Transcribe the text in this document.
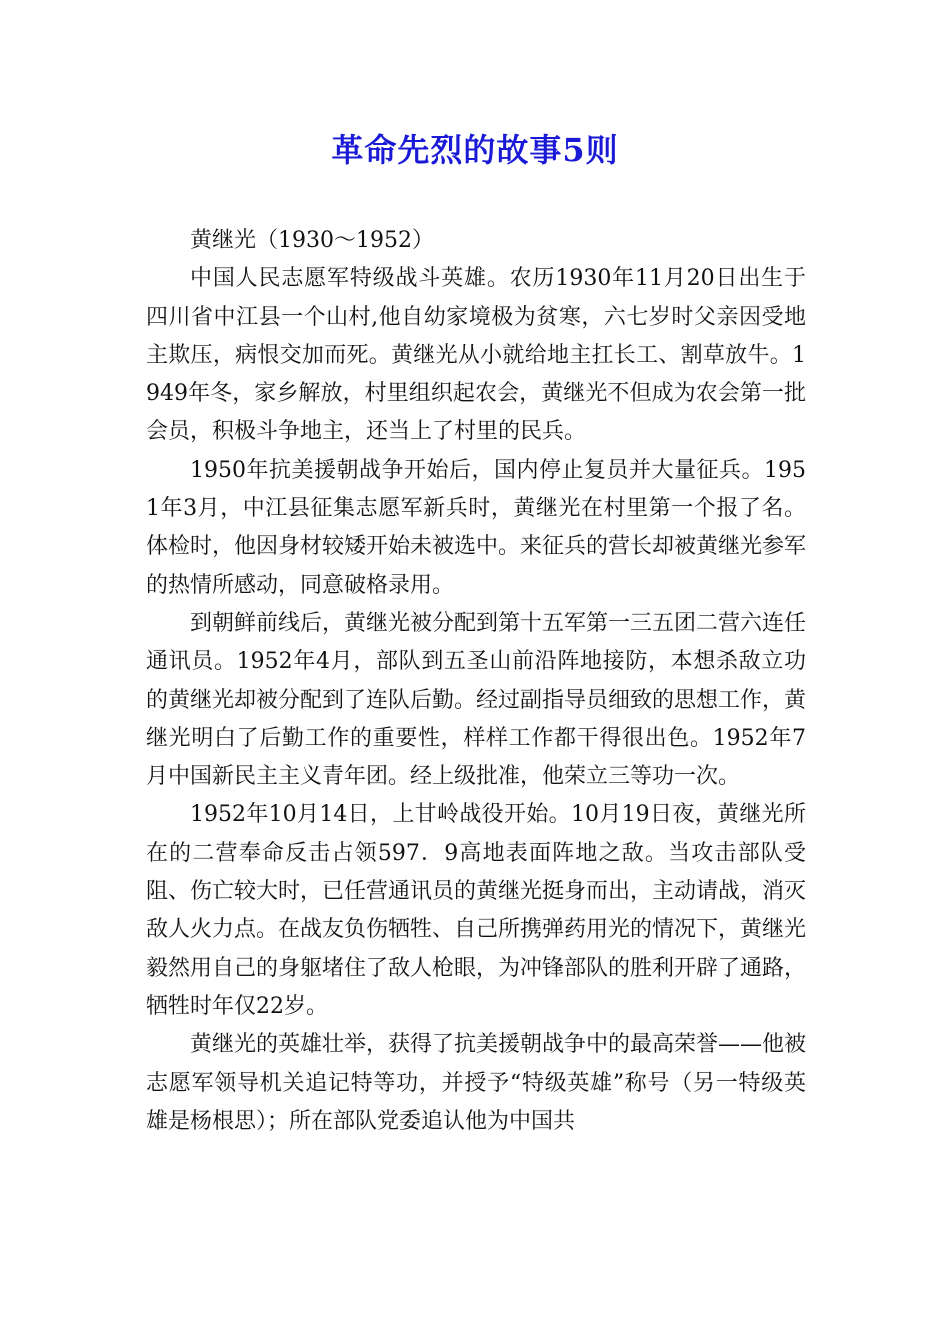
革命先烈的故事5则

黄继光（1930～1952）

中国人民志愿军特级战斗英雄。农历1930年11月20日出生于四川省中江县一个山村,他自幼家境极为贫寒，六七岁时父亲因受地主欺压，病恨交加而死。黄继光从小就给地主扛长工、割草放牛。1949年冬，家乡解放，村里组织起农会，黄继光不但成为农会第一批会员，积极斗争地主，还当上了村里的民兵。

1950年抗美援朝战争开始后，国内停止复员并大量征兵。1951年3月，中江县征集志愿军新兵时，黄继光在村里第一个报了名。体检时，他因身材较矮开始未被选中。来征兵的营长却被黄继光参军的热情所感动，同意破格录用。

到朝鲜前线后，黄继光被分配到第十五军第一三五团二营六连任通讯员。1952年4月，部队到五圣山前沿阵地接防，本想杀敌立功的黄继光却被分配到了连队后勤。经过副指导员细致的思想工作，黄继光明白了后勤工作的重要性，样样工作都干得很出色。1952年7月中国新民主主义青年团。经上级批准，他荣立三等功一次。

1952年10月14日，上甘岭战役开始。10月19日夜，黄继光所在的二营奉命反击占领597．9高地表面阵地之敌。当攻击部队受阻、伤亡较大时，已任营通讯员的黄继光挺身而出，主动请战，消灭敌人火力点。在战友负伤牺牲、自己所携弹药用光的情况下，黄继光毅然用自己的身躯堵住了敌人枪眼，为冲锋部队的胜利开辟了通路，牺牲时年仅22岁。

黄继光的英雄壮举，获得了抗美援朝战争中的最高荣誉——他被志愿军领导机关追记特等功，并授予“特级英雄”称号（另一特级英雄是杨根思）；所在部队党委追认他为中国共
